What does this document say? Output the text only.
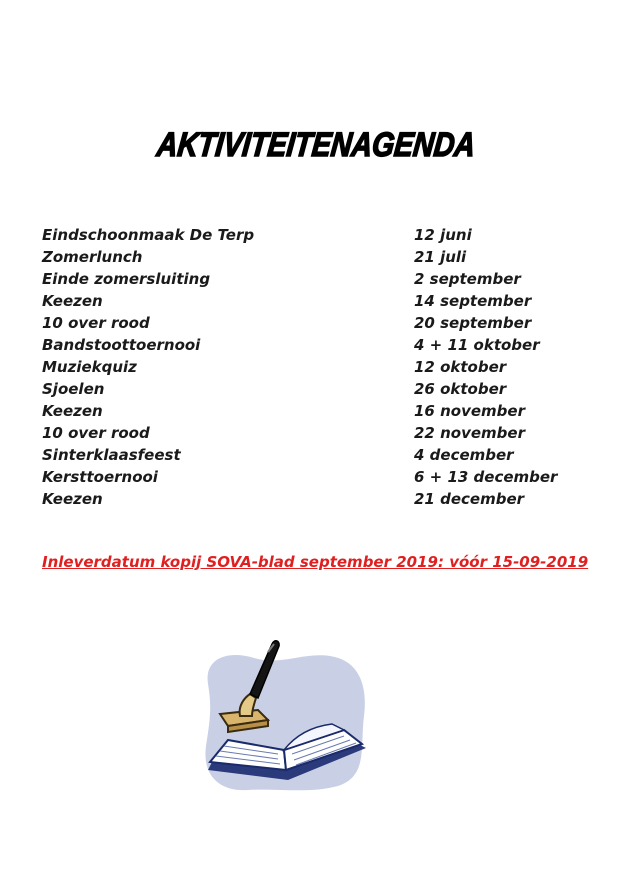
AKTIVITEITENAGENDA
Eindschoonmaak De Terp	12 juni
Zomerlunch	21 juli
Einde zomersluiting	2 september
Keezen	14 september
10 over rood	20 september
Bandstoottoernooi	4 + 11 oktober
Muziekquiz	12 oktober
Sjoelen	26 oktober
Keezen	16 november
10 over rood	22 november
Sinterklaasfeest	4 december
Kersttoernooi	6 + 13 december
Keezen	21 december
Inleverdatum kopij SOVA-blad september 2019: vóór 15-09-2019
